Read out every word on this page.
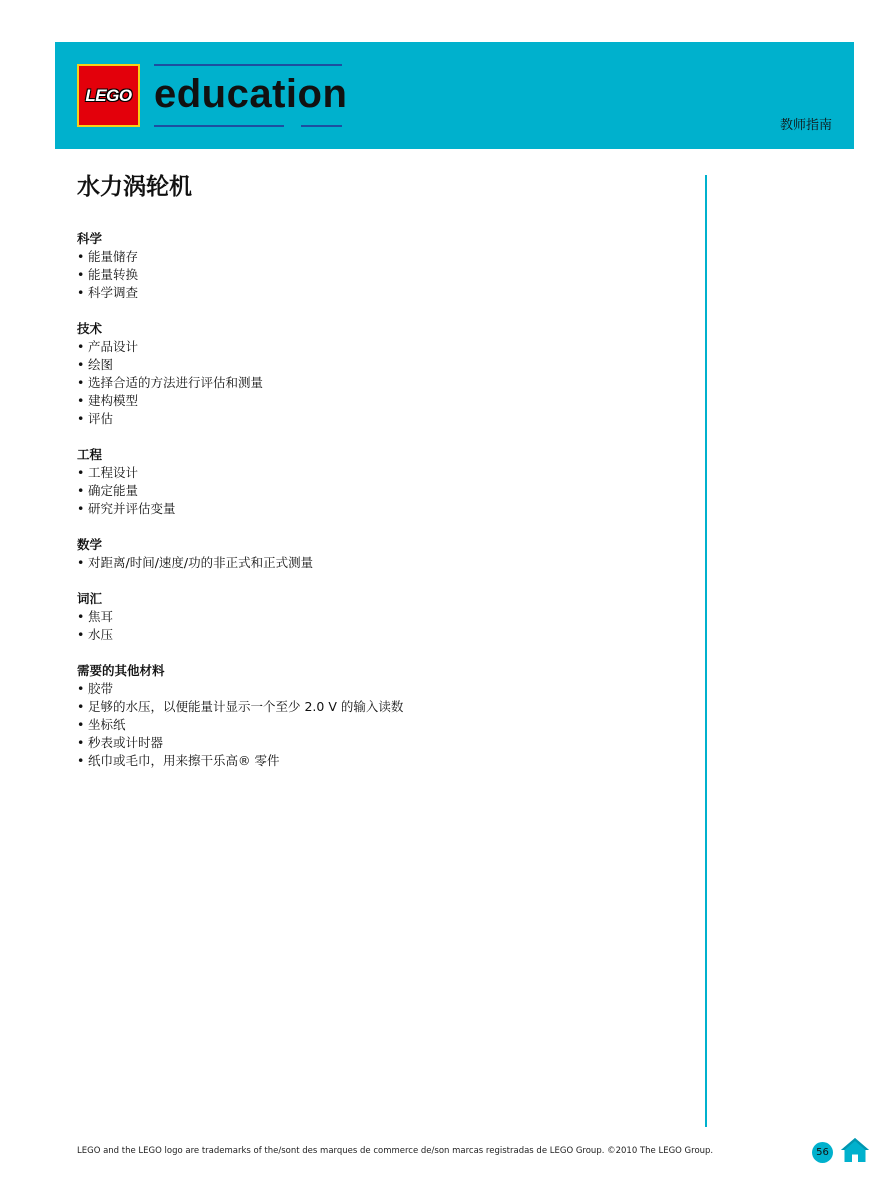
LEGO education
教师指南
水力涡轮机
科学
• 能量储存
• 能量转换
• 科学调查
技术
• 产品设计
• 绘图
• 选择合适的方法进行评估和测量
• 建构模型
• 评估
工程
• 工程设计
• 确定能量
• 研究并评估变量
数学
• 对距离/时间/速度/功的非正式和正式测量
词汇
• 焦耳
• 水压
需要的其他材料
• 胶带
• 足够的水压，以便能量计显示一个至少 2.0 V 的输入读数
• 坐标纸
• 秒表或计时器
• 纸巾或毛巾，用来擦干乐高® 零件
LEGO and the LEGO logo are trademarks of the/sont des marques de commerce de/son marcas registradas de LEGO Group. ©2010 The LEGO Group.	56
